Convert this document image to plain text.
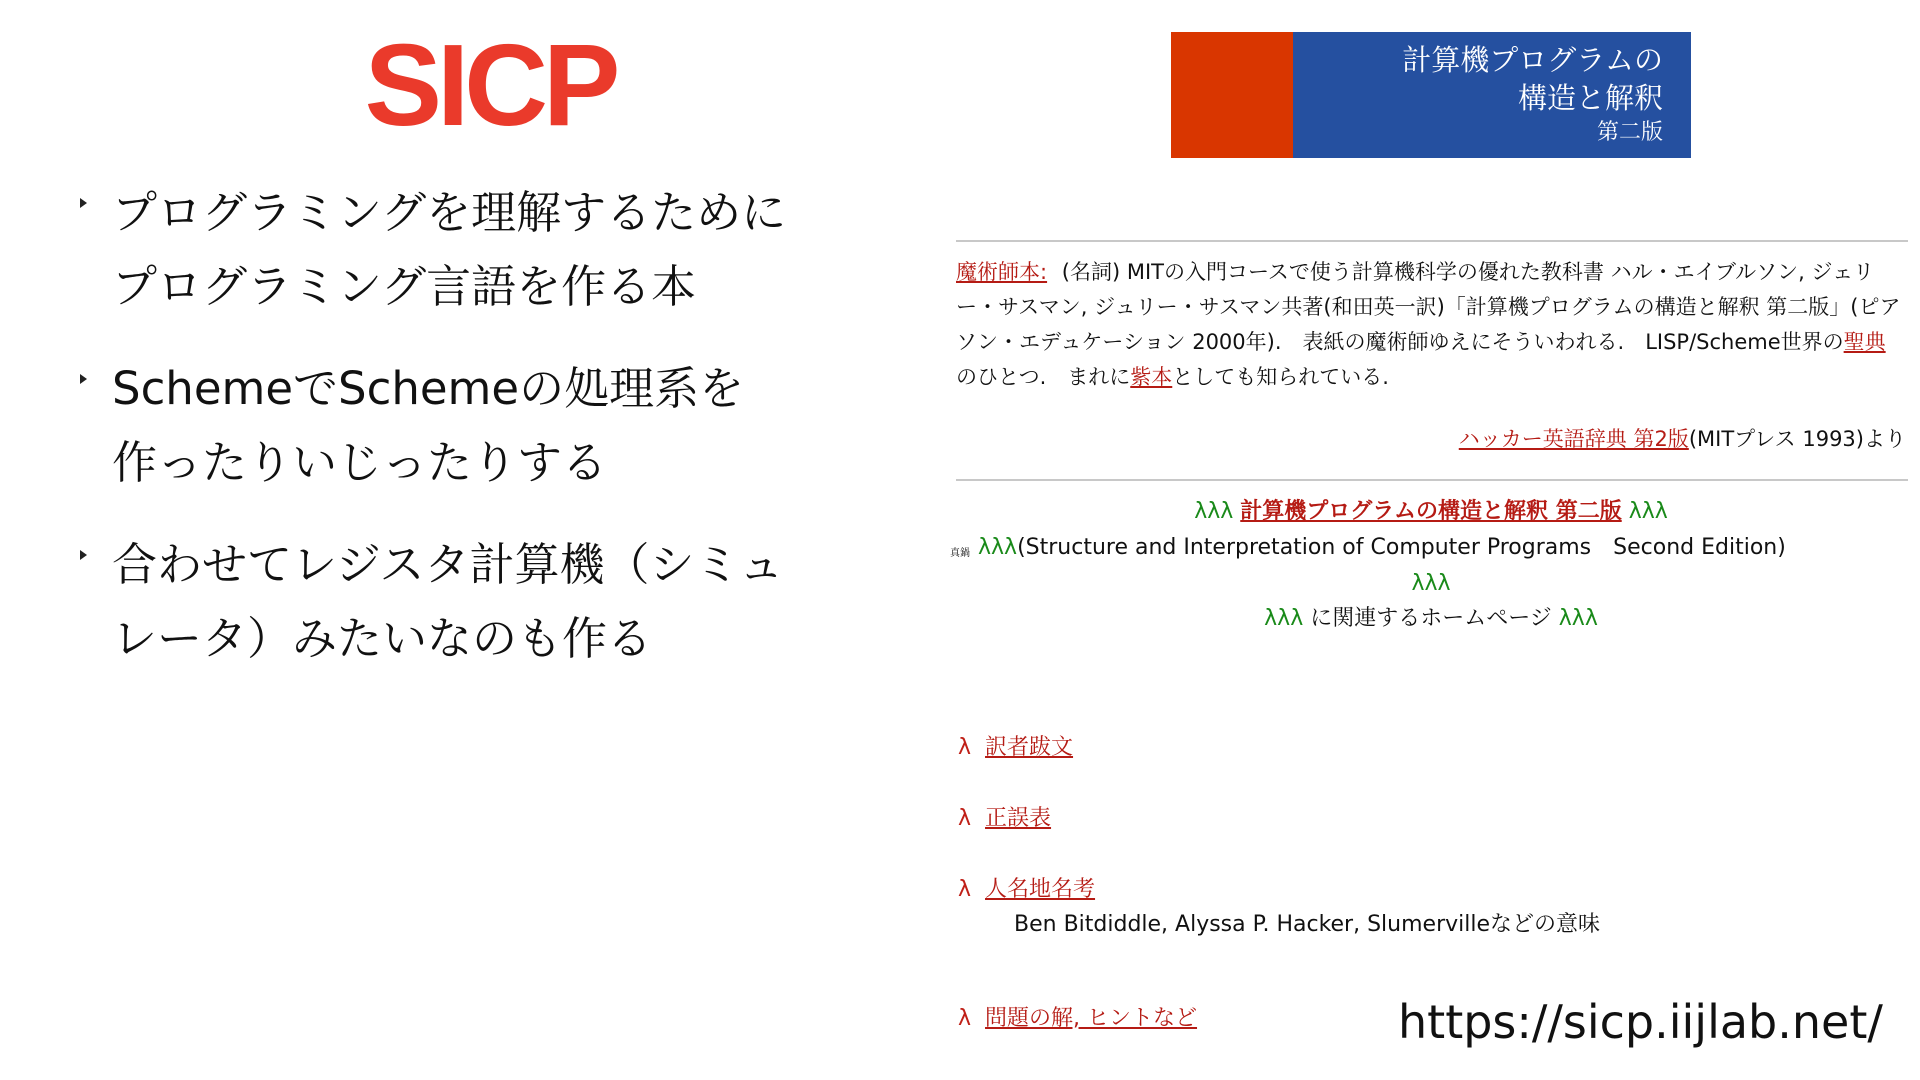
SICP
プログラミングを理解するために
プログラミング言語を作る本
SchemeでSchemeの処理系を
作ったりいじったりする
合わせてレジスタ計算機（シミュ
レータ）みたいなのも作る
計算機プログラムの
構造と解釈
第二版
魔術師本: (名詞) MITの入門コースで使う計算機科学の優れた教科書 ハル・エイブルソン, ジェリー・サスマン, ジュリー・サスマン共著(和田英一訳)「計算機プログラムの構造と解釈 第二版」(ピアソン・エデュケーション 2000年).　表紙の魔術師ゆえにそういわれる.　LISP/Scheme世界の聖典のひとつ.　まれに紫本としても知られている.
ハッカー英語辞典 第2版(MITプレス 1993)より
λλλ 計算機プログラムの構造と解釈 第二版 λλλ
$^{真鍋}$ λλλ(Structure and Interpretation of Computer Programs　Second Edition)
λλλ
λλλ に関連するホームページ λλλ
λ 訳者跋文
λ 正誤表
λ 人名地名考
Ben Bitdiddle, Alyssa P. Hacker, Slumervilleなどの意味
λ 問題の解, ヒントなど	https://sicp.iijlab.net/
